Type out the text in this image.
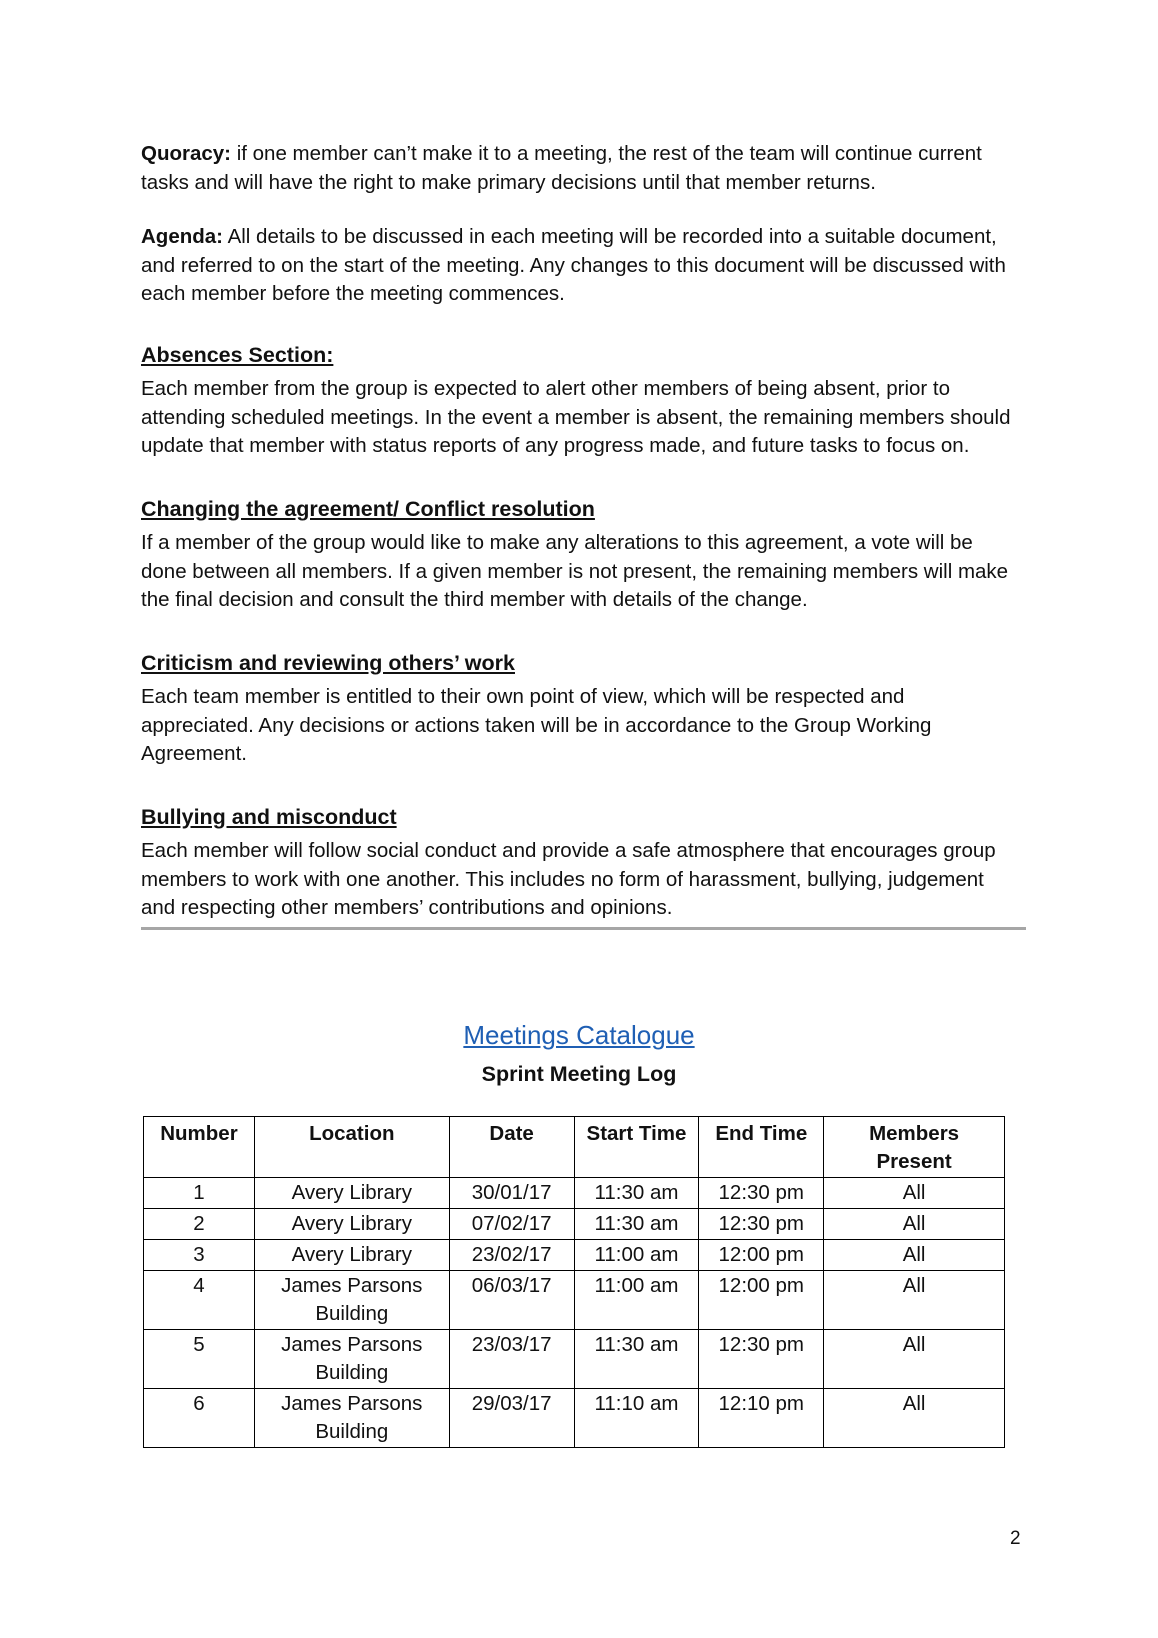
Quoracy: if one member can’t make it to a meeting, the rest of the team will continue current tasks and will have the right to make primary decisions until that member returns.

Agenda: All details to be discussed in each meeting will be recorded into a suitable document, and referred to on the start of the meeting. Any changes to this document will be discussed with each member before the meeting commences.

Absences Section:

Each member from the group is expected to alert other members of being absent, prior to attending scheduled meetings. In the event a member is absent, the remaining members should update that member with status reports of any progress made, and future tasks to focus on.

Changing the agreement/ Conflict resolution

If a member of the group would like to make any alterations to this agreement, a vote will be done between all members. If a given member is not present, the remaining members will make the final decision and consult the third member with details of the change.

Criticism and reviewing others’ work

Each team member is entitled to their own point of view, which will be respected and appreciated. Any decisions or actions taken will be in accordance to the Group Working Agreement.

Bullying and misconduct

Each member will follow social conduct and provide a safe atmosphere that encourages group members to work with one another. This includes no form of harassment, bullying, judgement and respecting other members’ contributions and opinions.

Meetings Catalogue
Sprint Meeting Log
Number	Location	Date	Start Time	End Time	Members Present
1	Avery Library	30/01/17	11:30 am	12:30 pm	All
2	Avery Library	07/02/17	11:30 am	12:30 pm	All
3	Avery Library	23/02/17	11:00 am	12:00 pm	All
4	James Parsons Building	06/03/17	11:00 am	12:00 pm	All
5	James Parsons Building	23/03/17	11:30 am	12:30 pm	All
6	James Parsons Building	29/03/17	11:10 am	12:10 pm	All
2
